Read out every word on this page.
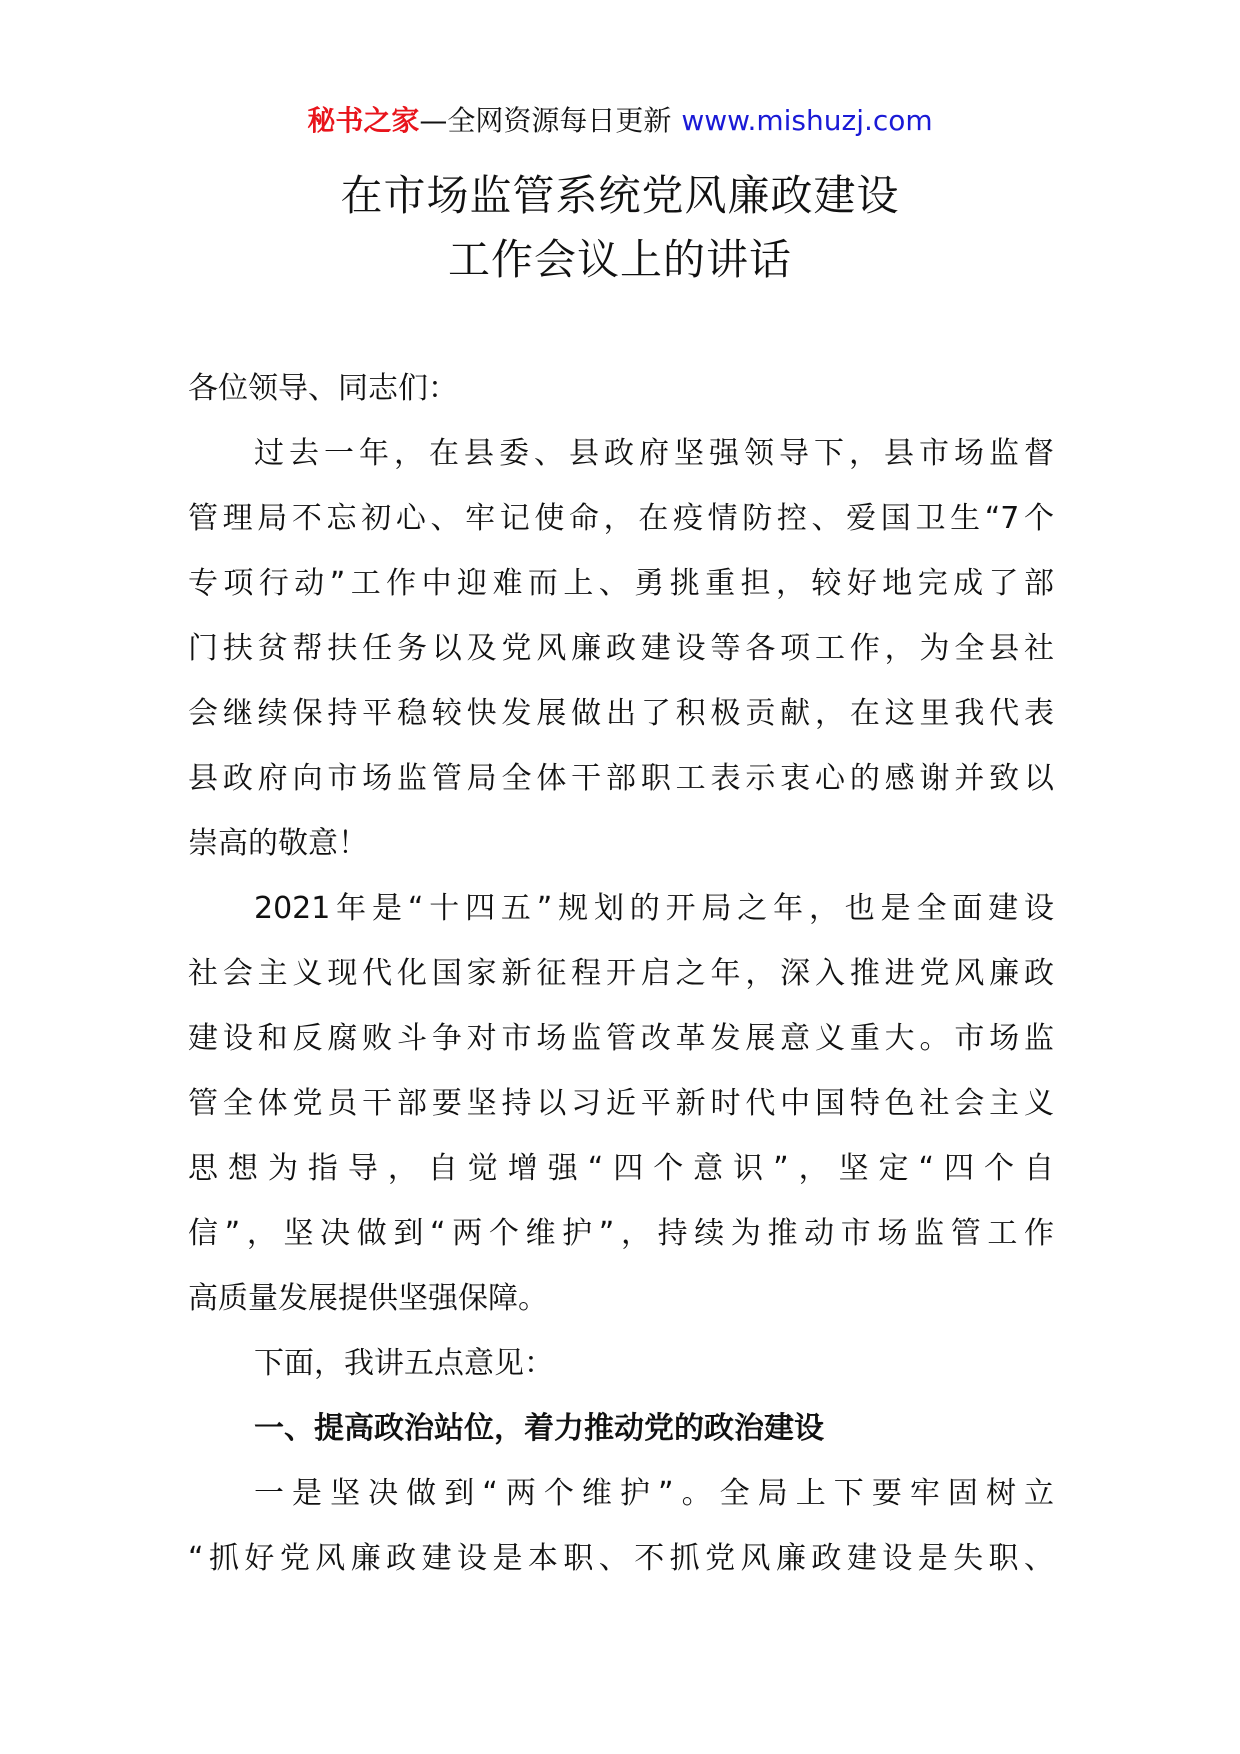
秘书之家—全网资源每日更新 www.mishuzj.com
在市场监管系统党风廉政建设
工作会议上的讲话
各位领导、同志们：
过去一年，在县委、县政府坚强领导下，县市场监督
管理局不忘初心、牢记使命，在疫情防控、爱国卫生“7个
专项行动”工作中迎难而上、勇挑重担，较好地完成了部
门扶贫帮扶任务以及党风廉政建设等各项工作，为全县社
会继续保持平稳较快发展做出了积极贡献，在这里我代表
县政府向市场监管局全体干部职工表示衷心的感谢并致以
崇高的敬意！
2021年是“十四五”规划的开局之年，也是全面建设
社会主义现代化国家新征程开启之年，深入推进党风廉政
建设和反腐败斗争对市场监管改革发展意义重大。市场监
管全体党员干部要坚持以习近平新时代中国特色社会主义
思想为指导，自觉增强“四个意识”，坚定“四个自
信”，坚决做到“两个维护”，持续为推动市场监管工作
高质量发展提供坚强保障。
下面，我讲五点意见：
一、提高政治站位，着力推动党的政治建设
一是坚决做到“两个维护”。全局上下要牢固树立
“抓好党风廉政建设是本职、不抓党风廉政建设是失职、
